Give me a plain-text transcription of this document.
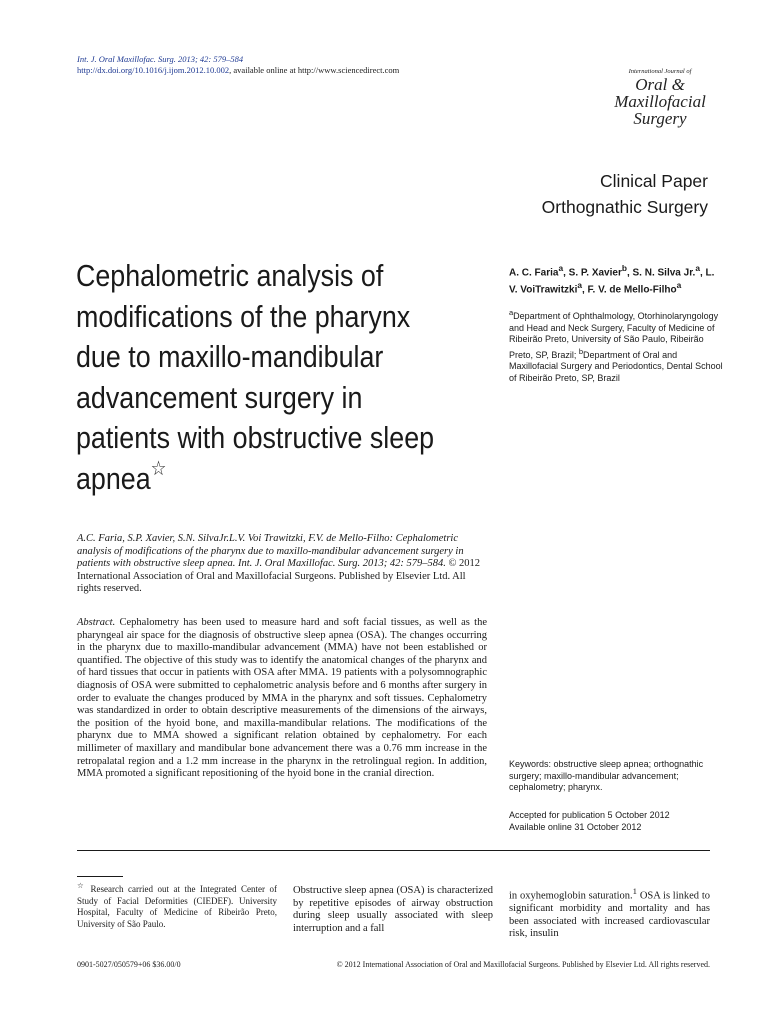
Int. J. Oral Maxillofac. Surg. 2013; 42: 579–584
http://dx.doi.org/10.1016/j.ijom.2012.10.002, available online at http://www.sciencedirect.com	International Journal of
Oral &
Maxillofacial
Surgery
Clinical Paper
Orthognathic Surgery
Cephalometric analysis of modifications of the pharynx due to maxillo-mandibular advancement surgery in patients with obstructive sleep apnea☆
A. C. Faria$^a$, S. P. Xavier$^b$, S. N. Silva Jr.$^a$, L. V. VoiTrawitzki$^a$, F. V. de Mello-Filho$^a$
$^a$Department of Ophthalmology, Otorhinolaryngology and Head and Neck Surgery, Faculty of Medicine of Ribeirão Preto, University of São Paulo, Ribeirão Preto, SP, Brazil; $^b$Department of Oral and Maxillofacial Surgery and Periodontics, Dental School of Ribeirão Preto, SP, Brazil
A.C. Faria, S.P. Xavier, S.N. SilvaJr.L.V. Voi Trawitzki, F.V. de Mello-Filho: Cephalometric analysis of modifications of the pharynx due to maxillo-mandibular advancement surgery in patients with obstructive sleep apnea. Int. J. Oral Maxillofac. Surg. 2013; 42: 579–584. © 2012 International Association of Oral and Maxillofacial Surgeons. Published by Elsevier Ltd. All rights reserved.
Abstract. Cephalometry has been used to measure hard and soft facial tissues, as well as the pharyngeal air space for the diagnosis of obstructive sleep apnea (OSA). The changes occurring in the pharynx due to maxillo-mandibular advancement (MMA) have not been established or quantified. The objective of this study was to identify the anatomical changes of the pharynx and of hard tissues that occur in patients with OSA after MMA. 19 patients with a polysomnographic diagnosis of OSA were submitted to cephalometric analysis before and 6 months after surgery in order to evaluate the changes produced by MMA in the pharynx and soft tissues. Cephalometry was standardized in order to obtain descriptive measurements of the dimensions of the airways, the position of the hyoid bone, and maxilla-mandibular relations. The modifications of the pharynx due to MMA showed a significant relation obtained by cephalometry. For each millimeter of maxillary and mandibular bone advancement there was a 0.76 mm increase in the retropalatal region and a 1.2 mm increase in the pharynx in the retrolingual region. In addition, MMA promoted a significant repositioning of the hyoid bone in the cranial direction.
Keywords: obstructive sleep apnea; orthognathic surgery; maxillo-mandibular advancement; cephalometry; pharynx.
Accepted for publication 5 October 2012
Available online 31 October 2012
☆ Research carried out at the Integrated Center of Study of Facial Deformities (CIEDEF). University Hospital, Faculty of Medicine of Ribeirão Preto, University of São Paulo.
Obstructive sleep apnea (OSA) is characterized by repetitive episodes of airway obstruction during sleep usually associated with sleep interruption and a fall
in oxyhemoglobin saturation.$^1$ OSA is linked to significant morbidity and mortality and has been associated with increased cardiovascular risk, insulin
0901-5027/050579+06 $36.00/0	© 2012 International Association of Oral and Maxillofacial Surgeons. Published by Elsevier Ltd. All rights reserved.
